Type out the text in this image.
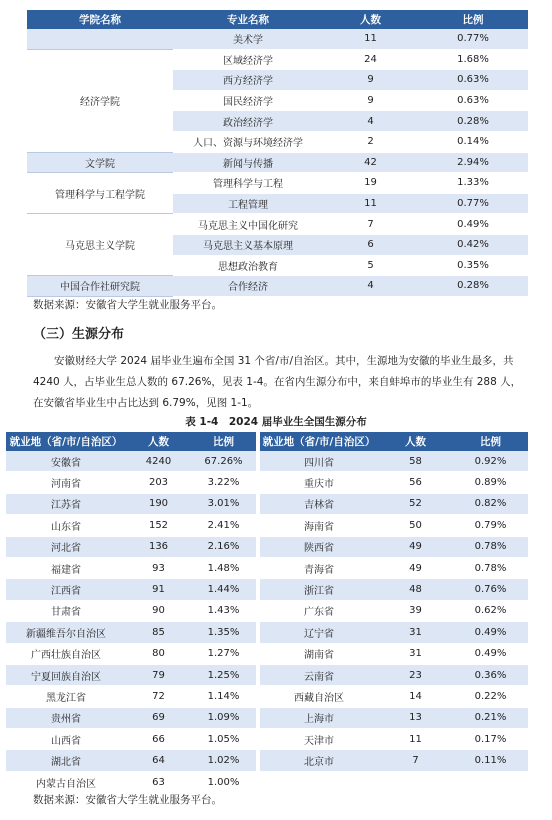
学院名称	专业名称	人数	比例
	美术学	11	0.77%
经济学院	区域经济学	24	1.68%
	西方经济学	9	0.63%
	国民经济学	9	0.63%
	政治经济学	4	0.28%
	人口、资源与环境经济学	2	0.14%
文学院	新闻与传播	42	2.94%
管理科学与工程学院	管理科学与工程	19	1.33%
	工程管理	11	0.77%
马克思主义学院	马克思主义中国化研究	7	0.49%
	马克思主义基本原理	6	0.42%
	思想政治教育	5	0.35%
中国合作社研究院	合作经济	4	0.28%
数据来源：安徽省大学生就业服务平台。
（三）生源分布
安徽财经大学 2024 届毕业生遍布全国 31 个省/市/自治区。其中，生源地为安徽的毕业生最多，共 4240 人，占毕业生总人数的 67.26%，见表 1-4。在省内生源分布中，来自蚌埠市的毕业生有 288 人，在安徽省毕业生中占比达到 6.79%，见图 1-1。
表 1-4　2024 届毕业生全国生源分布
就业地（省/市/自治区）	人数	比例		就业地（省/市/自治区）	人数	比例
安徽省	4240	67.26%		四川省	58	0.92%
河南省	203	3.22%		重庆市	56	0.89%
江苏省	190	3.01%		吉林省	52	0.82%
山东省	152	2.41%		海南省	50	0.79%
河北省	136	2.16%		陕西省	49	0.78%
福建省	93	1.48%		青海省	49	0.78%
江西省	91	1.44%		浙江省	48	0.76%
甘肃省	90	1.43%		广东省	39	0.62%
新疆维吾尔自治区	85	1.35%		辽宁省	31	0.49%
广西壮族自治区	80	1.27%		湖南省	31	0.49%
宁夏回族自治区	79	1.25%		云南省	23	0.36%
黑龙江省	72	1.14%		西藏自治区	14	0.22%
贵州省	69	1.09%		上海市	13	0.21%
山西省	66	1.05%		天津市	11	0.17%
湖北省	64	1.02%		北京市	7	0.11%
内蒙古自治区	63	1.00%				
数据来源：安徽省大学生就业服务平台。
